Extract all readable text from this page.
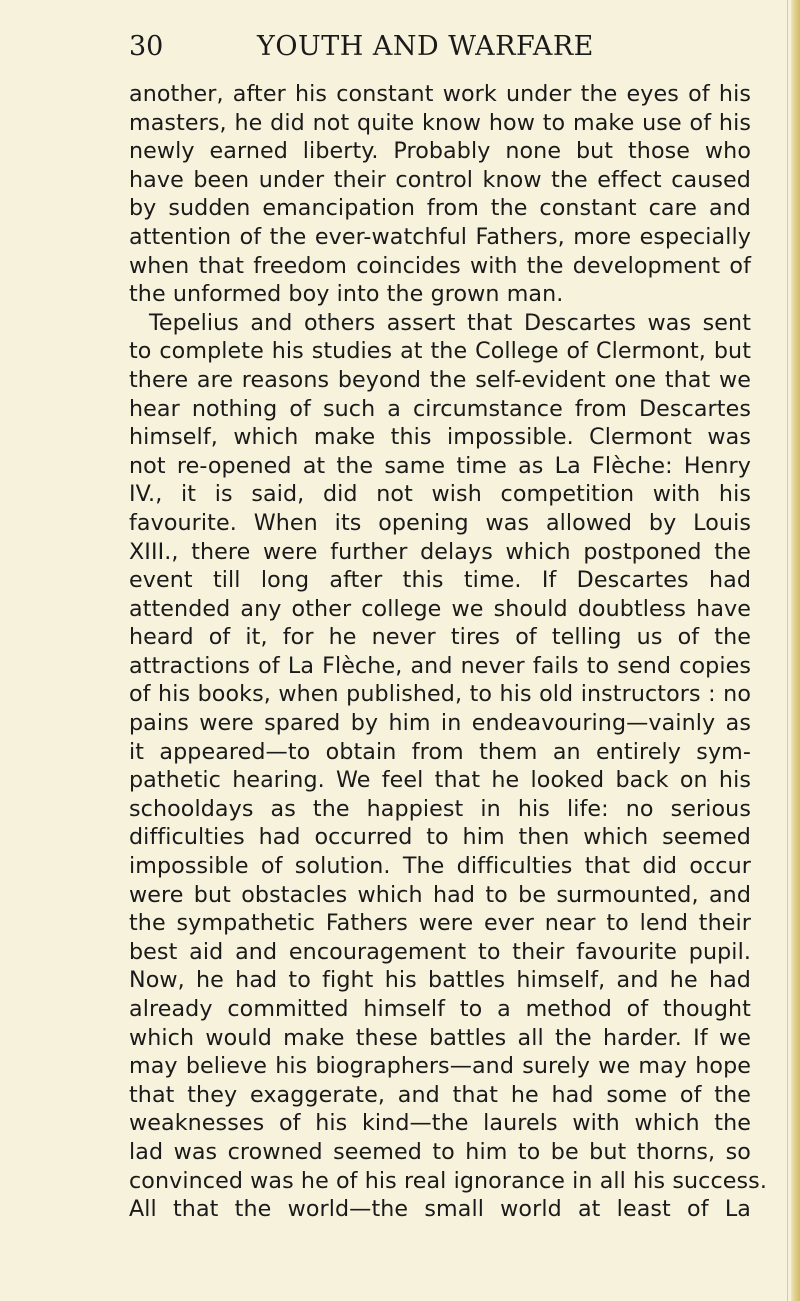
30	YOUTH AND WARFARE
another, after his constant work under the eyes of his
masters, he did not quite know how to make use of his
newly earned liberty. Probably none but those who
have been under their control know the effect caused
by sudden emancipation from the constant care and
attention of the ever-watchful Fathers, more especially
when that freedom coincides with the development of
the unformed boy into the grown man.
Tepelius and others assert that Descartes was sent
to complete his studies at the College of Clermont, but
there are reasons beyond the self-evident one that we
hear nothing of such a circumstance from Descartes
himself, which make this impossible. Clermont was
not re-opened at the same time as La Flèche: Henry
IV., it is said, did not wish competition with his
favourite. When its opening was allowed by Louis
XIII., there were further delays which postponed the
event till long after this time. If Descartes had
attended any other college we should doubtless have
heard of it, for he never tires of telling us of the
attractions of La Flèche, and never fails to send copies
of his books, when published, to his old instructors : no
pains were spared by him in endeavouring—vainly as
it appeared—to obtain from them an entirely sym-
pathetic hearing. We feel that he looked back on his
schooldays as the happiest in his life: no serious
difficulties had occurred to him then which seemed
impossible of solution. The difficulties that did occur
were but obstacles which had to be surmounted, and
the sympathetic Fathers were ever near to lend their
best aid and encouragement to their favourite pupil.
Now, he had to fight his battles himself, and he had
already committed himself to a method of thought
which would make these battles all the harder. If we
may believe his biographers—and surely we may hope
that they exaggerate, and that he had some of the
weaknesses of his kind—the laurels with which the
lad was crowned seemed to him to be but thorns, so
convinced was he of his real ignorance in all his success.
All that the world—the small world at least of La
